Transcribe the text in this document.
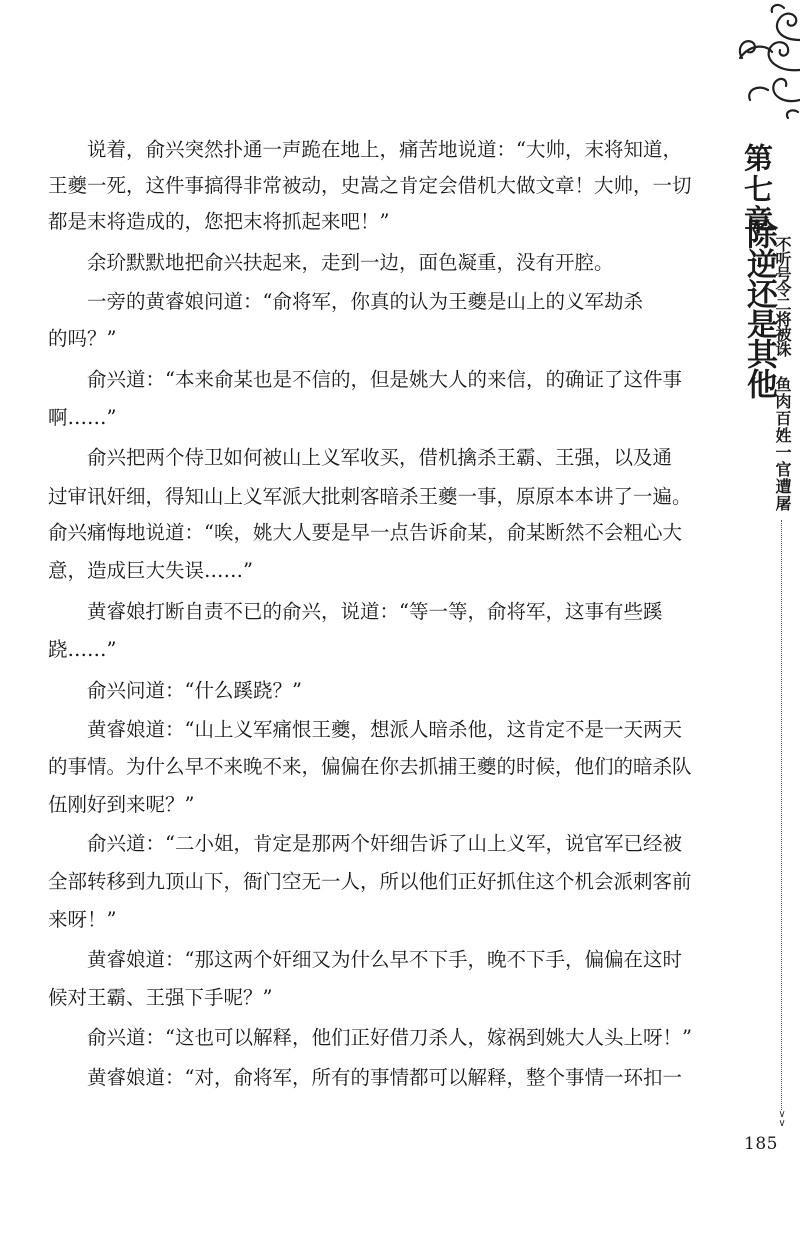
　　说着，俞兴突然扑通一声跪在地上，痛苦地说道：“大帅，末将知道，
王夔一死，这件事搞得非常被动，史嵩之肯定会借机大做文章！大帅，一切
都是末将造成的，您把末将抓起来吧！”
　　余玠默默地把俞兴扶起来，走到一边，面色凝重，没有开腔。
　　一旁的黄睿娘问道：“俞将军，你真的认为王夔是山上的义军劫杀
的吗？”
　　俞兴道：“本来俞某也是不信的，但是姚大人的来信，的确证了这件事
啊……”
　　俞兴把两个侍卫如何被山上义军收买，借机擒杀王霸、王强，以及通
过审讯奸细，得知山上义军派大批刺客暗杀王夔一事，原原本本讲了一遍。
俞兴痛悔地说道：“唉，姚大人要是早一点告诉俞某，俞某断然不会粗心大
意，造成巨大失误……”
　　黄睿娘打断自责不已的俞兴，说道：“等一等，俞将军，这事有些蹊
跷……”
　　俞兴问道：“什么蹊跷？”
　　黄睿娘道：“山上义军痛恨王夔，想派人暗杀他，这肯定不是一天两天
的事情。为什么早不来晚不来，偏偏在你去抓捕王夔的时候，他们的暗杀队
伍刚好到来呢？”
　　俞兴道：“二小姐，肯定是那两个奸细告诉了山上义军，说官军已经被
全部转移到九顶山下，衙门空无一人，所以他们正好抓住这个机会派刺客前
来呀！”
　　黄睿娘道：“那这两个奸细又为什么早不下手，晚不下手，偏偏在这时
候对王霸、王强下手呢？”
　　俞兴道：“这也可以解释，他们正好借刀杀人，嫁祸到姚大人头上呀！”
　　黄睿娘道：“对，俞将军，所有的事情都可以解释，整个事情一环扣一
第七章
除逆还是其他
不听号令二将被诛
鱼肉百姓一官遭屠
∨
∨
185
